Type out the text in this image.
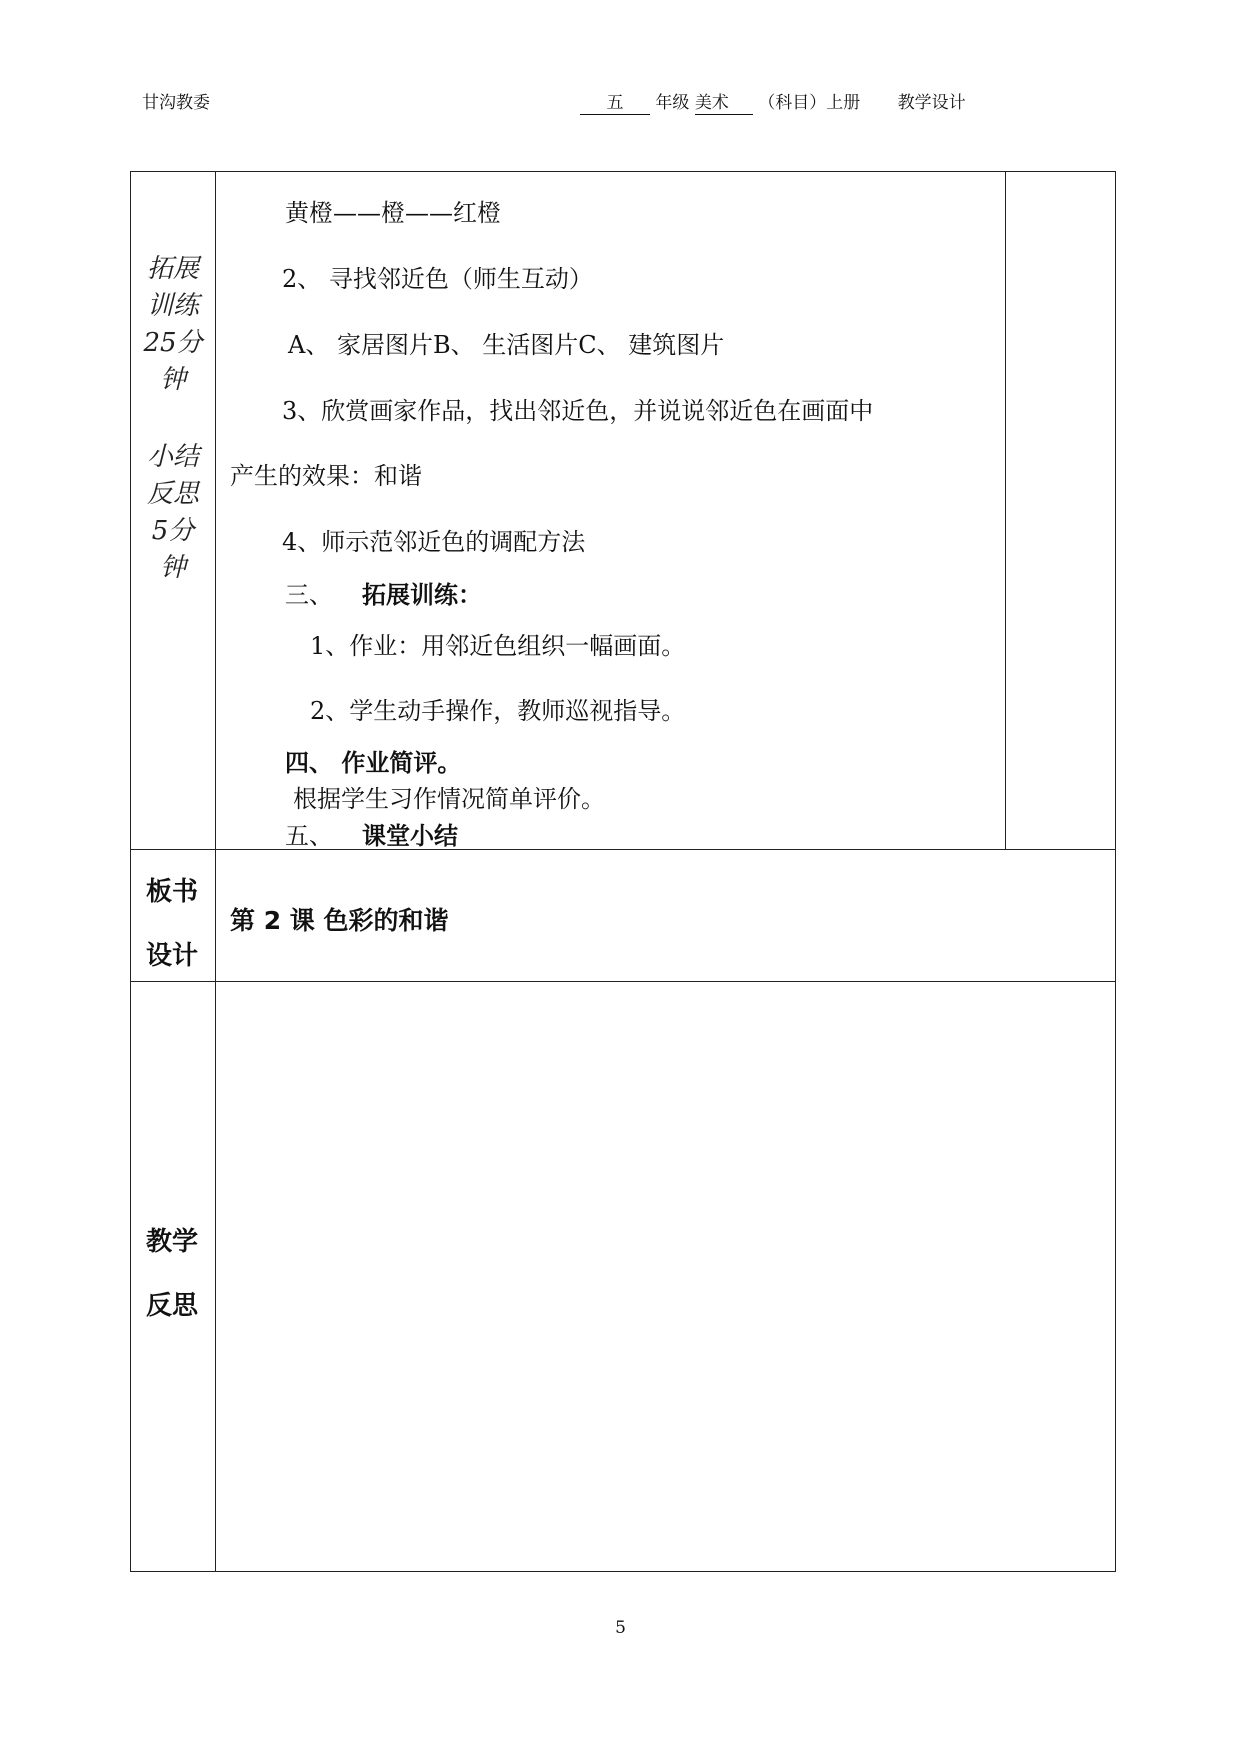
甘沟教委	五 年级 美术 （科目）上册 教学设计
拓展
训练
25分
钟
小结
反思
5分
钟
黄橙——橙——红橙
2、 寻找邻近色（师生互动）
A、 家居图片B、 生活图片C、 建筑图片
3、欣赏画家作品，找出邻近色，并说说邻近色在画面中
产生的效果：和谐
4、师示范邻近色的调配方法
三、 拓展训练：
1、作业：用邻近色组织一幅画面。
2、学生动手操作，教师巡视指导。
四、 作业简评。
根据学生习作情况简单评价。
五、 课堂小结
板书
设计
第 2 课 色彩的和谐
教学
反思
5
